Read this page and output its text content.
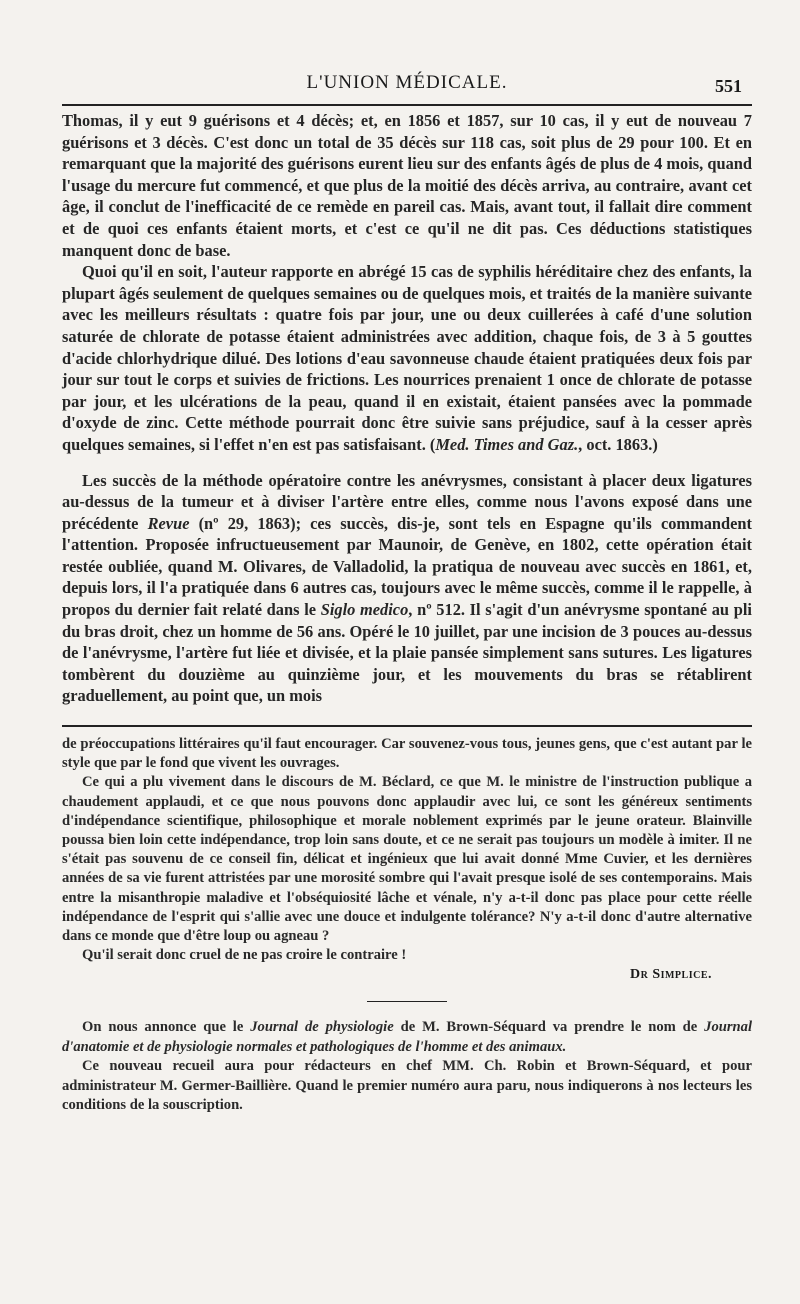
L'UNION MÉDICALE.	551

Thomas, il y eut 9 guérisons et 4 décès; et, en 1856 et 1857, sur 10 cas, il y eut de nouveau 7 guérisons et 3 décès. C'est donc un total de 35 décès sur 118 cas, soit plus de 29 pour 100. Et en remarquant que la majorité des guérisons eurent lieu sur des enfants âgés de plus de 4 mois, quand l'usage du mercure fut commencé, et que plus de la moitié des décès arriva, au contraire, avant cet âge, il conclut de l'inefficacité de ce remède en pareil cas. Mais, avant tout, il fallait dire comment et de quoi ces enfants étaient morts, et c'est ce qu'il ne dit pas. Ces déductions statistiques manquent donc de base.

Quoi qu'il en soit, l'auteur rapporte en abrégé 15 cas de syphilis héréditaire chez des enfants, la plupart âgés seulement de quelques semaines ou de quelques mois, et traités de la manière suivante avec les meilleurs résultats : quatre fois par jour, une ou deux cuillerées à café d'une solution saturée de chlorate de potasse étaient administrées avec addition, chaque fois, de 3 à 5 gouttes d'acide chlorhydrique dilué. Des lotions d'eau savonneuse chaude étaient pratiquées deux fois par jour sur tout le corps et suivies de frictions. Les nourrices prenaient 1 once de chlorate de potasse par jour, et les ulcérations de la peau, quand il en existait, étaient pansées avec la pommade d'oxyde de zinc. Cette méthode pourrait donc être suivie sans préjudice, sauf à la cesser après quelques semaines, si l'effet n'en est pas satisfaisant. (Med. Times and Gaz., oct. 1863.)

Les succès de la méthode opératoire contre les anévrysmes, consistant à placer deux ligatures au-dessus de la tumeur et à diviser l'artère entre elles, comme nous l'avons exposé dans une précédente Revue (nº 29, 1863); ces succès, dis-je, sont tels en Espagne qu'ils commandent l'attention. Proposée infructueusement par Maunoir, de Genève, en 1802, cette opération était restée oubliée, quand M. Olivares, de Valladolid, la pratiqua de nouveau avec succès en 1861, et, depuis lors, il l'a pratiquée dans 6 autres cas, toujours avec le même succès, comme il le rappelle, à propos du dernier fait relaté dans le Siglo medico, nº 512. Il s'agit d'un anévrysme spontané au pli du bras droit, chez un homme de 56 ans. Opéré le 10 juillet, par une incision de 3 pouces au-dessus de l'anévrysme, l'artère fut liée et divisée, et la plaie pansée simplement sans sutures. Les ligatures tombèrent du douzième au quinzième jour, et les mouvements du bras se rétablirent graduellement, au point que, un mois

de préoccupations littéraires qu'il faut encourager. Car souvenez-vous tous, jeunes gens, que c'est autant par le style que par le fond que vivent les ouvrages.

Ce qui a plu vivement dans le discours de M. Béclard, ce que M. le ministre de l'instruction publique a chaudement applaudi, et ce que nous pouvons donc applaudir avec lui, ce sont les généreux sentiments d'indépendance scientifique, philosophique et morale noblement exprimés par le jeune orateur. Blainville poussa bien loin cette indépendance, trop loin sans doute, et ce ne serait pas toujours un modèle à imiter. Il ne s'était pas souvenu de ce conseil fin, délicat et ingénieux que lui avait donné Mme Cuvier, et les dernières années de sa vie furent attristées par une morosité sombre qui l'avait presque isolé de ses contemporains. Mais entre la misanthropie maladive et l'obséquiosité lâche et vénale, n'y a-t-il donc pas place pour cette réelle indépendance de l'esprit qui s'allie avec une douce et indulgente tolérance? N'y a-t-il donc d'autre alternative dans ce monde que d'être loup ou agneau ?

Qu'il serait donc cruel de ne pas croire le contraire !

Dr Simplice.

On nous annonce que le Journal de physiologie de M. Brown-Séquard va prendre le nom de Journal d'anatomie et de physiologie normales et pathologiques de l'homme et des animaux.

Ce nouveau recueil aura pour rédacteurs en chef MM. Ch. Robin et Brown-Séquard, et pour administrateur M. Germer-Baillière. Quand le premier numéro aura paru, nous indiquerons à nos lecteurs les conditions de la souscription.
